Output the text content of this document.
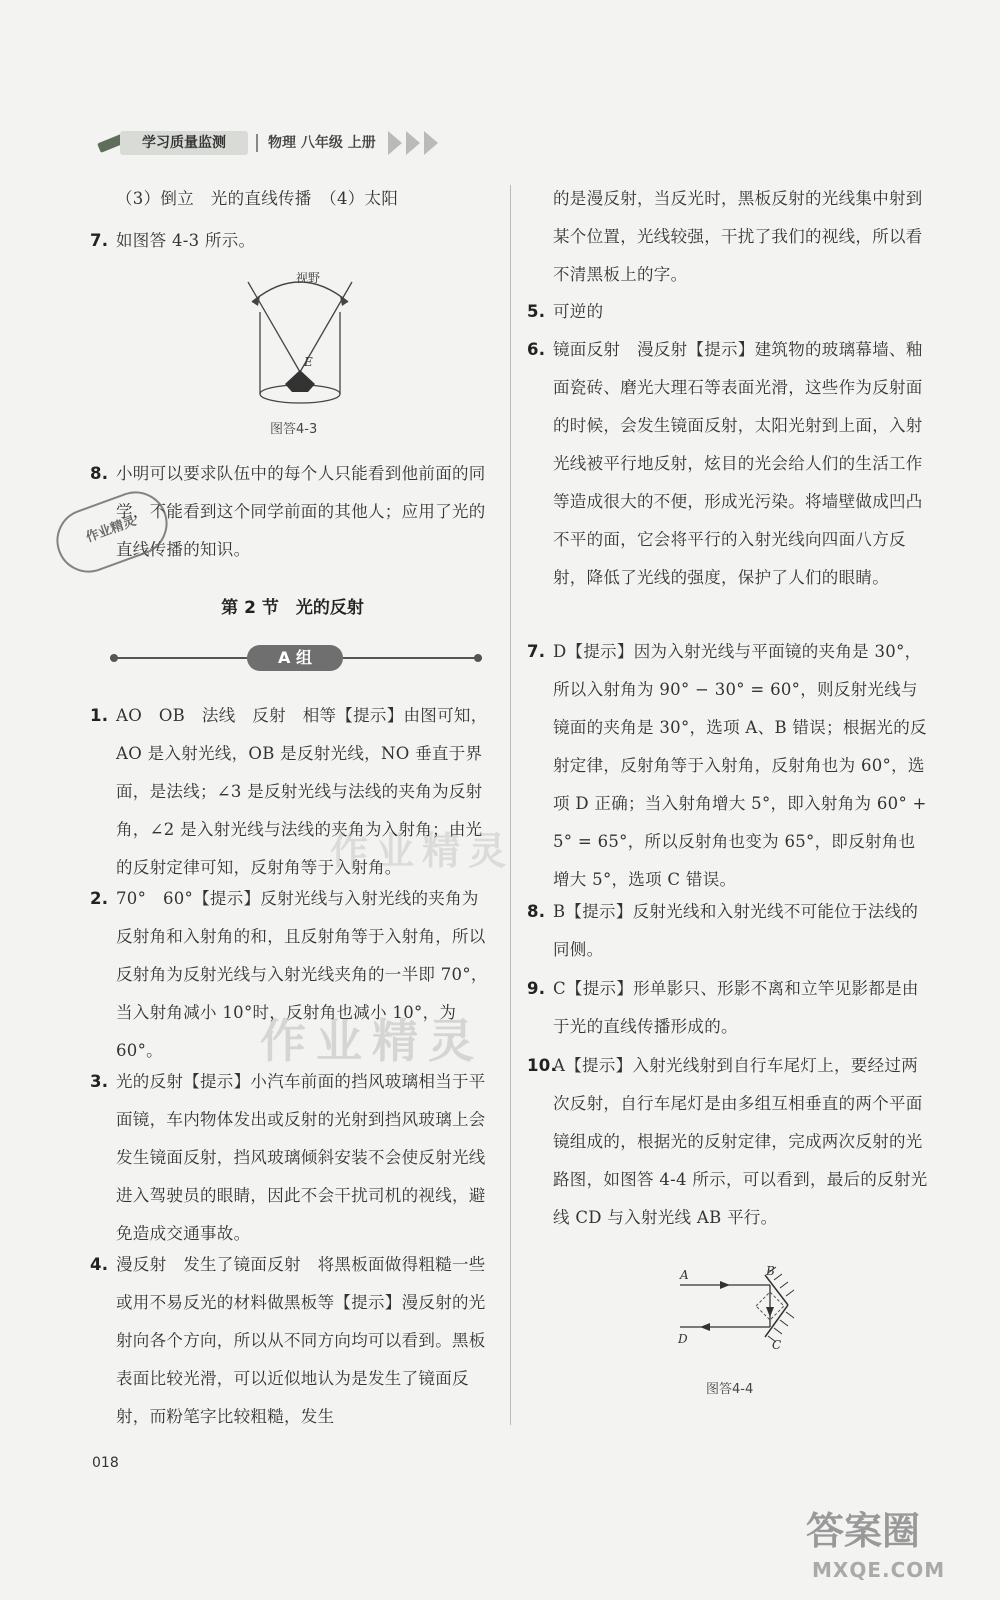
学习质量监测	物理 八年级 上册
（3）倒立　光的直线传播　（4）太阳
7. 如图答 4-3 所示。
视野
E
图答4-3
8. 小明可以要求队伍中的每个人只能看到他前面的同学，不能看到这个同学前面的其他人；应用了光的直线传播的知识。
作业精灵
第 2 节　光的反射
A 组
1. AO　OB　法线　反射　相等【提示】由图可知，AO 是入射光线，OB 是反射光线，NO 垂直于界面，是法线；∠3 是反射光线与法线的夹角为反射角，∠2 是入射光线与法线的夹角为入射角；由光的反射定律可知，反射角等于入射角。
2. 70°　60°【提示】反射光线与入射光线的夹角为反射角和入射角的和，且反射角等于入射角，所以反射角为反射光线与入射光线夹角的一半即 70°，当入射角减小 10°时，反射角也减小 10°，为 60°。
3. 光的反射【提示】小汽车前面的挡风玻璃相当于平面镜，车内物体发出或反射的光射到挡风玻璃上会发生镜面反射，挡风玻璃倾斜安装不会使反射光线进入驾驶员的眼睛，因此不会干扰司机的视线，避免造成交通事故。
4. 漫反射　发生了镜面反射　将黑板面做得粗糙一些或用不易反光的材料做黑板等【提示】漫反射的光射向各个方向，所以从不同方向均可以看到。黑板表面比较光滑，可以近似地认为是发生了镜面反射，而粉笔字比较粗糙，发生
作业精灵
作业精灵
的是漫反射，当反光时，黑板反射的光线集中射到某个位置，光线较强，干扰了我们的视线，所以看不清黑板上的字。
5. 可逆的
6. 镜面反射　漫反射【提示】建筑物的玻璃幕墙、釉面瓷砖、磨光大理石等表面光滑，这些作为反射面的时候，会发生镜面反射，太阳光射到上面，入射光线被平行地反射，炫目的光会给人们的生活工作等造成很大的不便，形成光污染。将墙壁做成凹凸不平的面，它会将平行的入射光线向四面八方反射，降低了光线的强度，保护了人们的眼睛。
7. D【提示】因为入射光线与平面镜的夹角是 30°，所以入射角为 90° − 30° = 60°，则反射光线与镜面的夹角是 30°，选项 A、B 错误；根据光的反射定律，反射角等于入射角，反射角也为 60°，选项 D 正确；当入射角增大 5°，即入射角为 60° + 5° = 65°，所以反射角也变为 65°，即反射角也增大 5°，选项 C 错误。
8. B【提示】反射光线和入射光线不可能位于法线的同侧。
9. C【提示】形单影只、形影不离和立竿见影都是由于光的直线传播形成的。
10.
A【提示】入射光线射到自行车尾灯上，要经过两次反射，自行车尾灯是由多组互相垂直的两个平面镜组成的，根据光的反射定律，完成两次反射的光路图，如图答 4-4 所示，可以看到，最后的反射光线 CD 与入射光线 AB 平行。
A	B
C
D
图答4-4
018
答案圈
MXQE.COM
